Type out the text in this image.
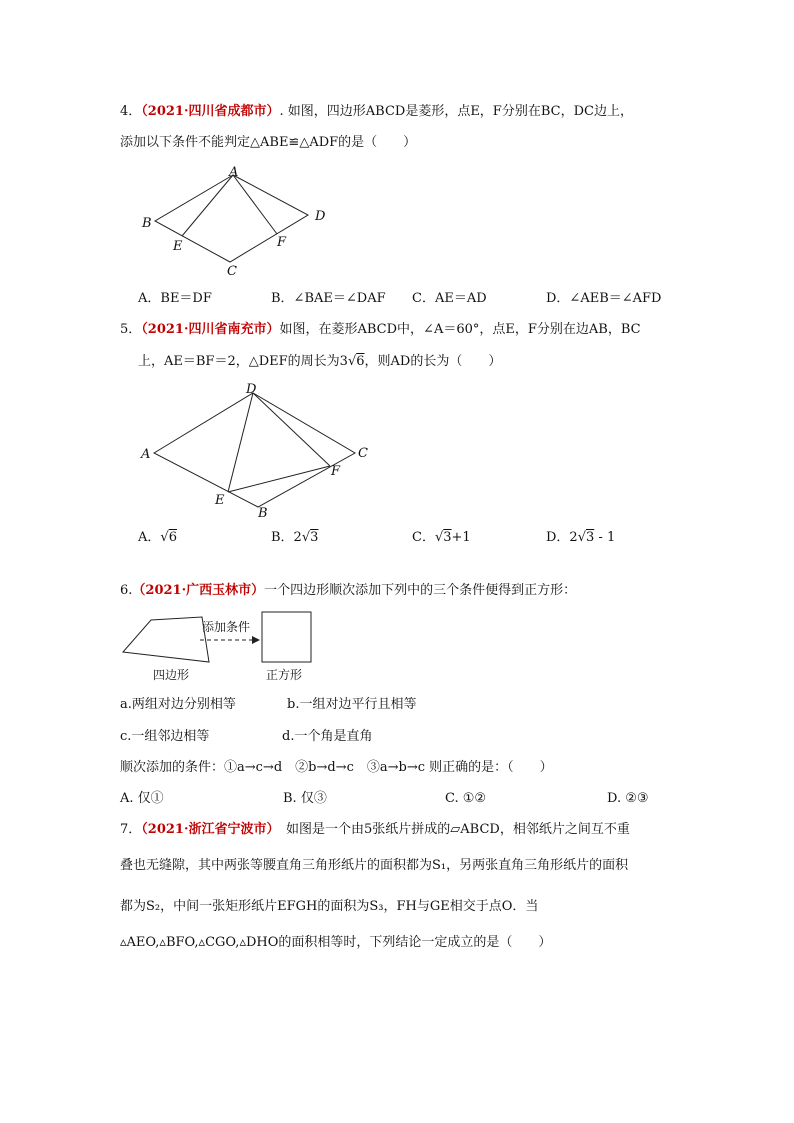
4．（2021·四川省成都市）. 如图，四边形ABCD是菱形，点E，F分别在BC，DC边上，
添加以下条件不能判定△ABE≌△ADF的是（　　）
A
B
C
D
E	F
A．BE＝DF	B．∠BAE＝∠DAF C．AE＝AD	D．∠AEB＝∠AFD
5．（2021·四川省南充市）如图，在菱形ABCD中，∠A＝60°，点E，F分别在边AB，BC
上，AE＝BF＝2，△DEF的周长为3√6，则AD的长为（　　）
A
B
C
D
E
F
A．√6	B．2√3	C．√3+1	D．2√3 - 1
6.（2021·广西玉林市）一个四边形顺次添加下列中的三个条件便得到正方形：
四边形
添加条件
正方形
a.两组对边分别相等	b.一组对边平行且相等
c.一组邻边相等	d.一个角是直角
顺次添加的条件：①a→c→d　②b→d→c　③a→b→c 则正确的是：（　　）
A. 仅①	B. 仅③	C. ①②	D. ②③
7．（2021·浙江省宁波市）　 如图是一个由5张纸片拼成的▱ABCD，相邻纸片之间互不重
叠也无缝隙，其中两张等腰直角三角形纸片的面积都为S₁，另两张直角三角形纸片的面积
都为S₂，中间一张矩形纸片EFGH的面积为S₃，FH与GE相交于点O．当
▵AEO,▵BFO,▵CGO,▵DHO的面积相等时，下列结论一定成立的是（　　）
